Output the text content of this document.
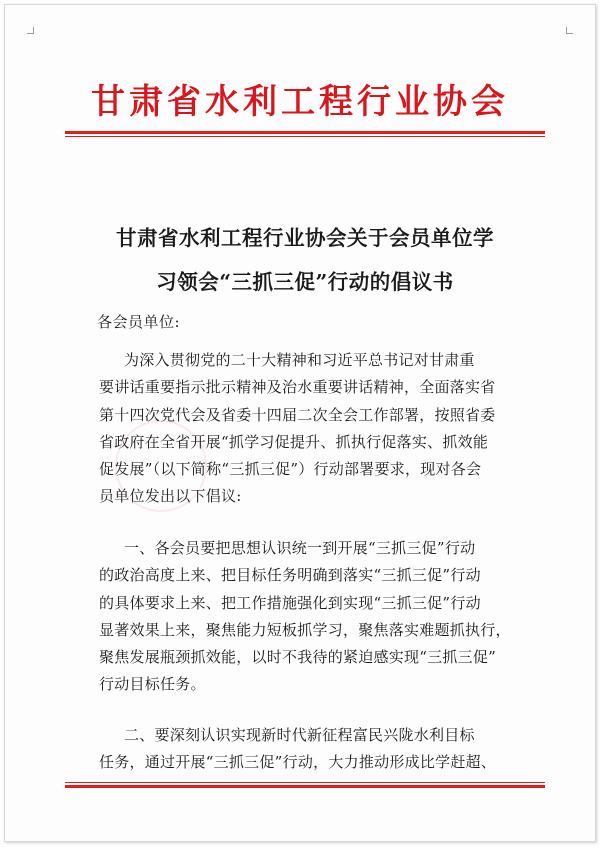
甘肃省水利工程行业协会
甘肃省水利工程行业协会关于会员单位学
习领会“三抓三促”行动的倡议书
各会员单位:
为深入贯彻党的二十大精神和习近平总书记对甘肃重
要讲话重要指示批示精神及治水重要讲话精神，全面落实省
第十四次党代会及省委十四届二次全会工作部署，按照省委
省政府在全省开展“抓学习促提升、抓执行促落实、抓效能
促发展”（以下简称“三抓三促”）行动部署要求，现对各会
员单位发出以下倡议:
一、各会员要把思想认识统一到开展“三抓三促”行动
的政治高度上来、把目标任务明确到落实“三抓三促”行动
的具体要求上来、把工作措施强化到实现“三抓三促”行动
显著效果上来，聚焦能力短板抓学习，聚焦落实难题抓执行，
聚焦发展瓶颈抓效能，以时不我待的紧迫感实现“三抓三促”
行动目标任务。
二、要深刻认识实现新时代新征程富民兴陇水利目标
任务，通过开展“三抓三促”行动，大力推动形成比学赶超、
